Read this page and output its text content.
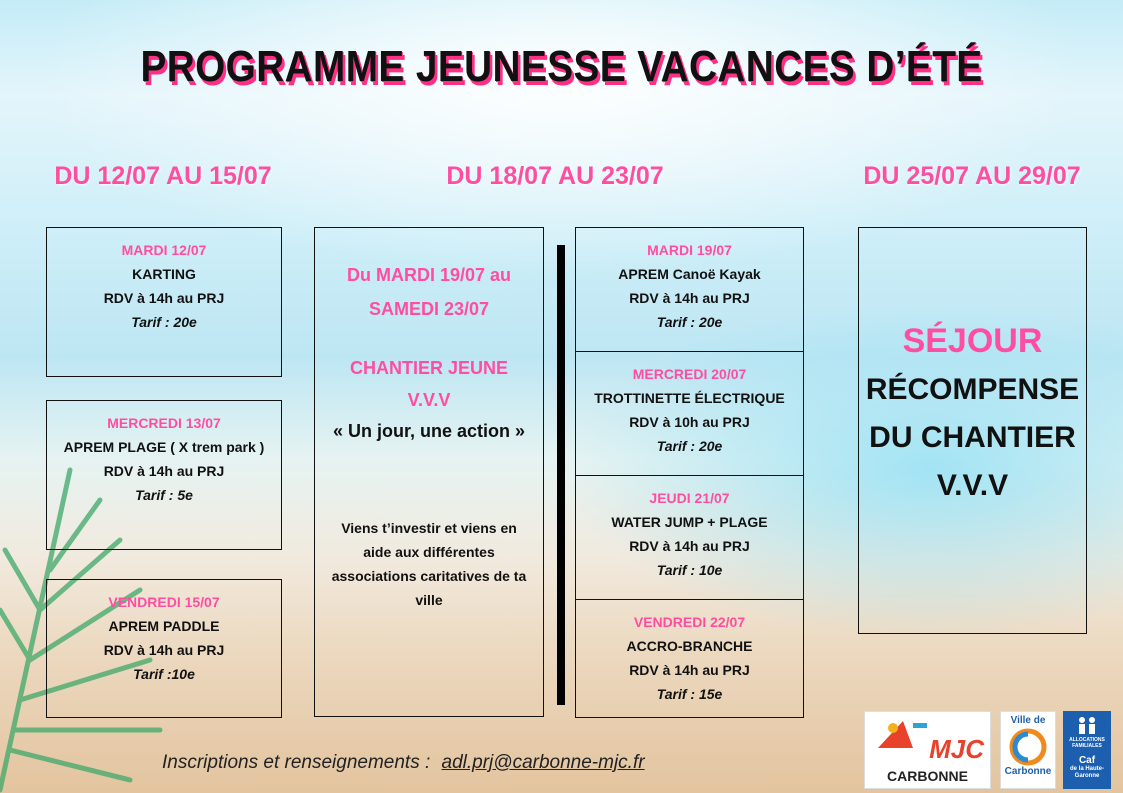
PROGRAMME JEUNESSE VACANCES D’ÉTÉ
DU 12/07 AU 15/07	DU 18/07 AU 23/07	DU 25/07 AU 29/07
MARDI 12/07
KARTING
RDV à 14h au PRJ
Tarif : 20e
MERCREDI 13/07
APREM PLAGE ( X trem park )
RDV à 14h au PRJ
Tarif : 5e
VENDREDI 15/07
APREM PADDLE
RDV à 14h au PRJ
Tarif :10e
Du MARDI 19/07 au
SAMEDI 23/07
CHANTIER JEUNE
V.V.V
« Un jour, une action »
Viens t’investir et viens en
aide aux différentes
associations caritatives de ta
ville
MARDI 19/07
APREM Canoë Kayak
RDV à 14h au PRJ
Tarif : 20e
MERCREDI 20/07
TROTTINETTE ÉLECTRIQUE
RDV à 10h au PRJ
Tarif : 20e
JEUDI 21/07
WATER JUMP + PLAGE
RDV à 14h au PRJ
Tarif : 10e
VENDREDI 22/07
ACCRO-BRANCHE
RDV à 14h au PRJ
Tarif : 15e
SÉJOUR
RÉCOMPENSE
DU CHANTIER
V.V.V
Inscriptions et renseignements : adl.prj@carbonne-mjc.fr	MJC
CARBONNE
Ville de
Carbonne
ALLOCATIONS FAMILIALES
Caf
de la Haute-Garonne
